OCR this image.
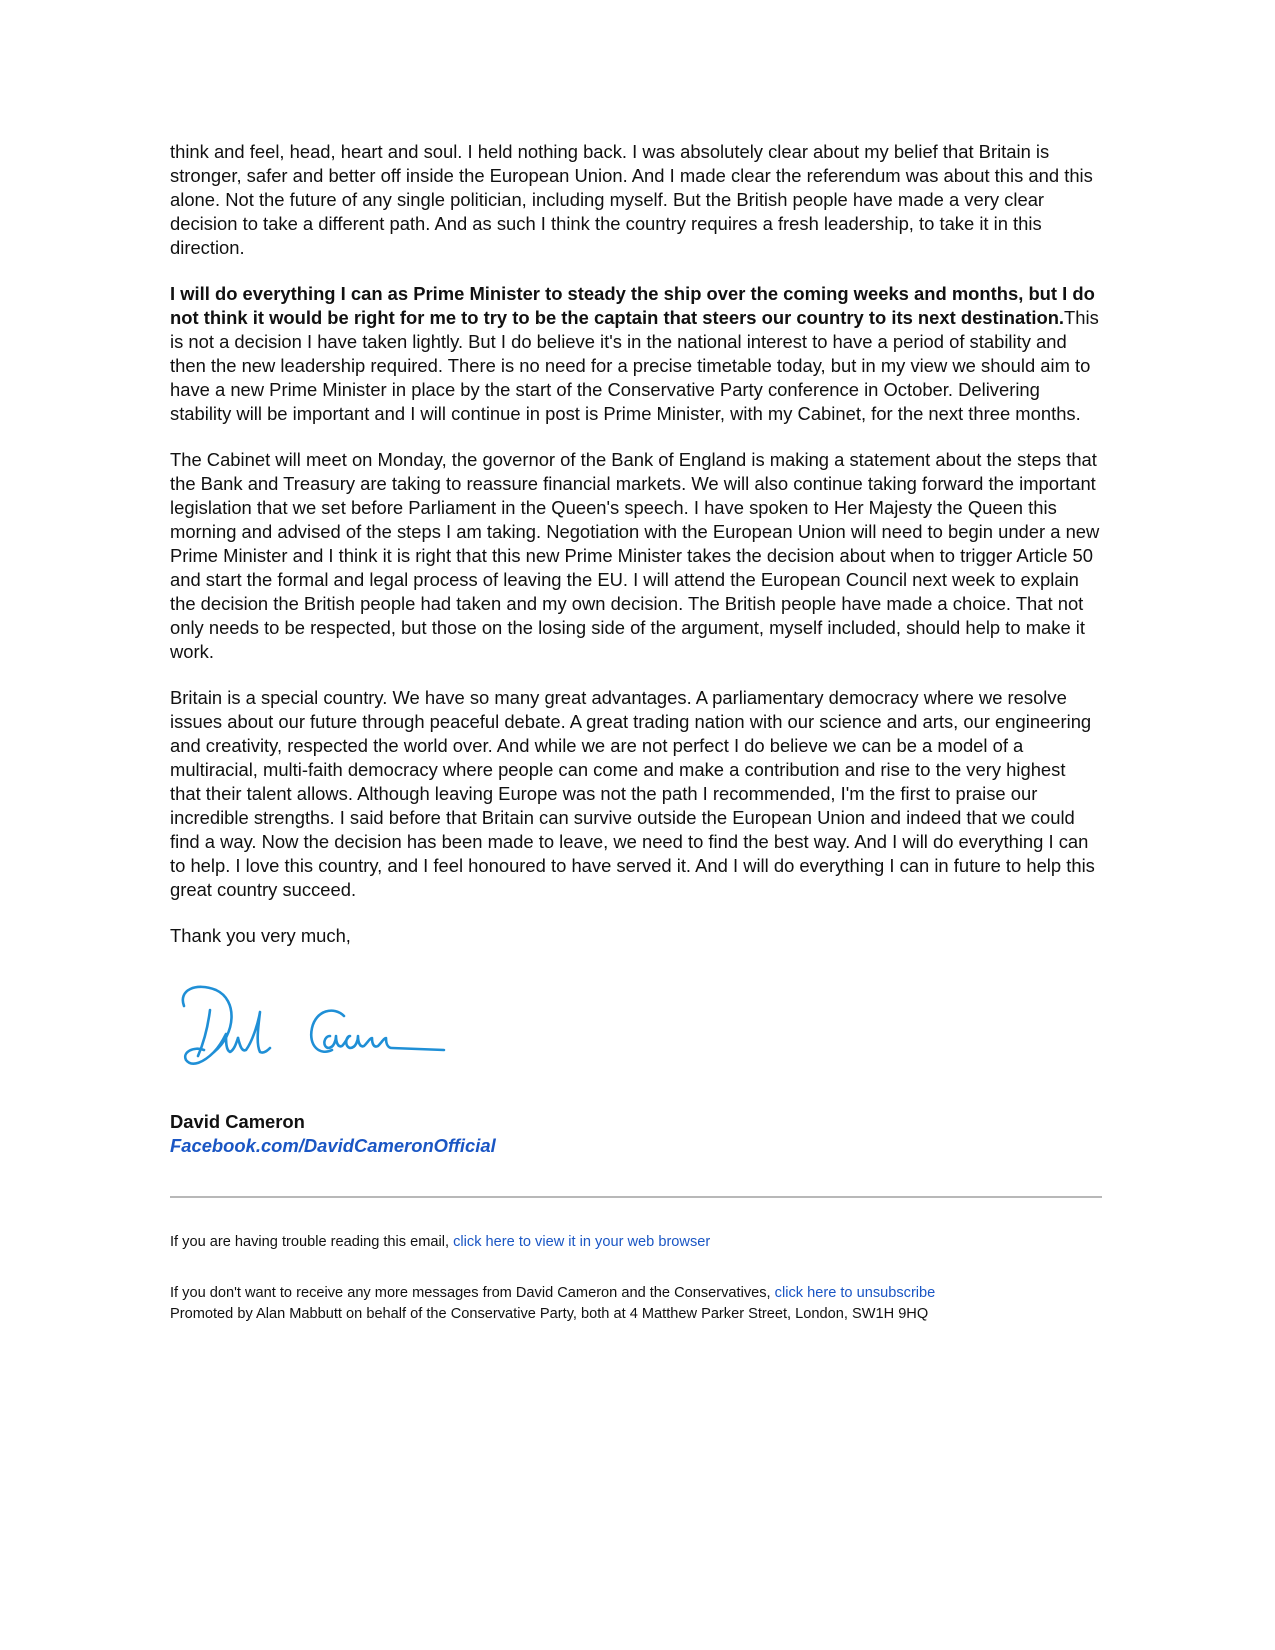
think and feel, head, heart and soul. I held nothing back. I was absolutely clear about my belief that Britain is stronger, safer and better off inside the European Union. And I made clear the referendum was about this and this alone. Not the future of any single politician, including myself. But the British people have made a very clear decision to take a different path. And as such I think the country requires a fresh leadership, to take it in this direction.

I will do everything I can as Prime Minister to steady the ship over the coming weeks and months, but I do not think it would be right for me to try to be the captain that steers our country to its next destination.This is not a decision I have taken lightly. But I do believe it's in the national interest to have a period of stability and then the new leadership required. There is no need for a precise timetable today, but in my view we should aim to have a new Prime Minister in place by the start of the Conservative Party conference in October. Delivering stability will be important and I will continue in post is Prime Minister, with my Cabinet, for the next three months.

The Cabinet will meet on Monday, the governor of the Bank of England is making a statement about the steps that the Bank and Treasury are taking to reassure financial markets. We will also continue taking forward the important legislation that we set before Parliament in the Queen's speech. I have spoken to Her Majesty the Queen this morning and advised of the steps I am taking. Negotiation with the European Union will need to begin under a new Prime Minister and I think it is right that this new Prime Minister takes the decision about when to trigger Article 50 and start the formal and legal process of leaving the EU. I will attend the European Council next week to explain the decision the British people had taken and my own decision. The British people have made a choice. That not only needs to be respected, but those on the losing side of the argument, myself included, should help to make it work.

Britain is a special country. We have so many great advantages. A parliamentary democracy where we resolve issues about our future through peaceful debate. A great trading nation with our science and arts, our engineering and creativity, respected the world over. And while we are not perfect I do believe we can be a model of a multiracial, multi-faith democracy where people can come and make a contribution and rise to the very highest that their talent allows. Although leaving Europe was not the path I recommended, I'm the first to praise our incredible strengths. I said before that Britain can survive outside the European Union and indeed that we could find a way. Now the decision has been made to leave, we need to find the best way. And I will do everything I can to help. I love this country, and I feel honoured to have served it. And I will do everything I can in future to help this great country succeed.

Thank you very much,

David Cameron
Facebook.com/DavidCameronOfficial
If you are having trouble reading this email, click here to view it in your web browser
If you don't want to receive any more messages from David Cameron and the Conservatives, click here to unsubscribe
Promoted by Alan Mabbutt on behalf of the Conservative Party, both at 4 Matthew Parker Street, London, SW1H 9HQ
